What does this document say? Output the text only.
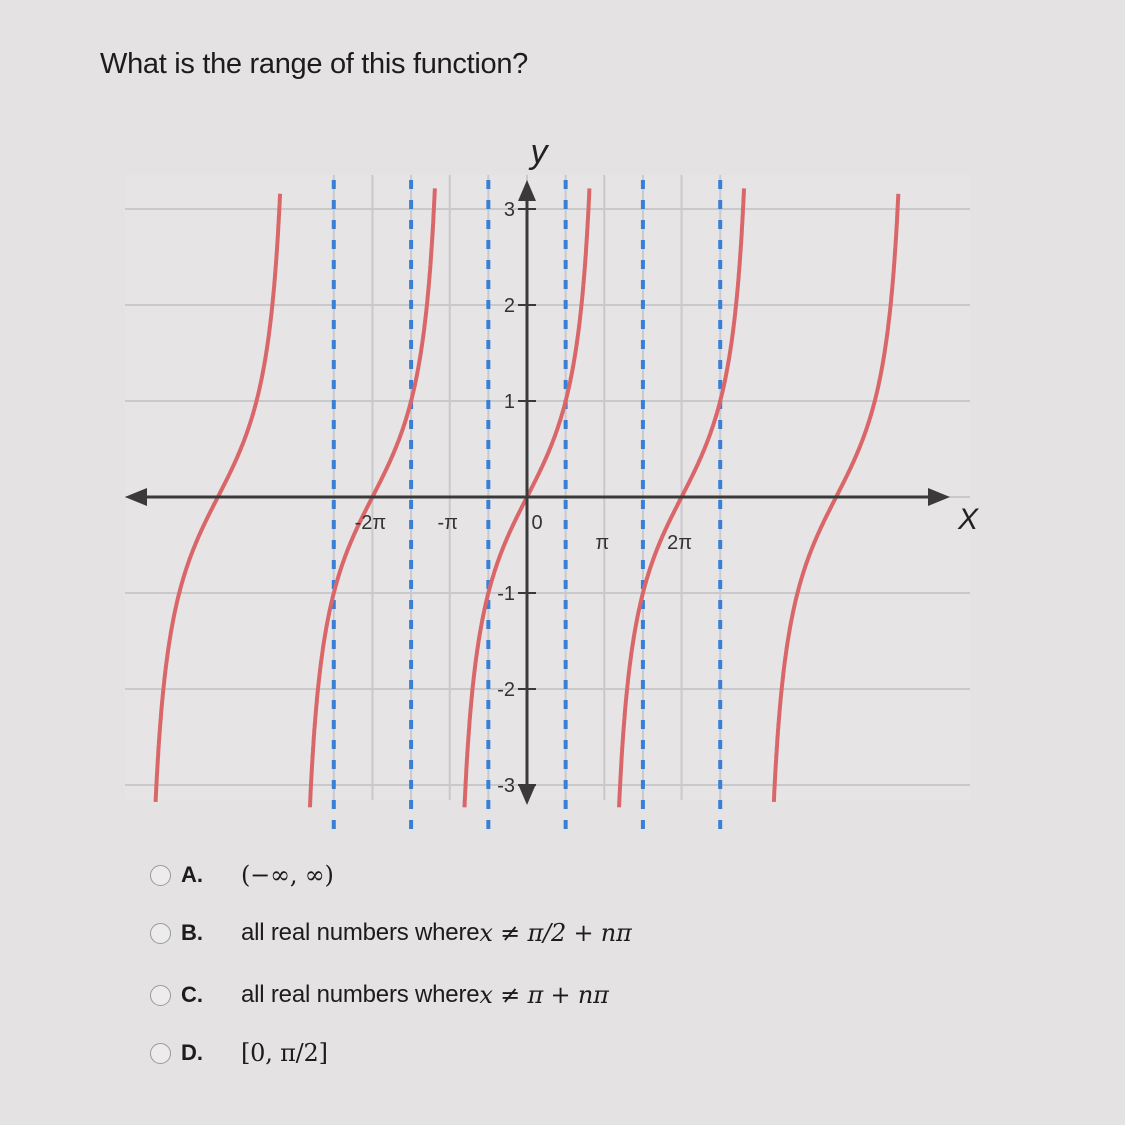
What is the range of this function?
3
2
1
-1
-2
-3
-2π	-π	0
π	2π
X
y
A.	(−∞, ∞)
B.	all real numbers where x ≠ π/2 + nπ
C.	all real numbers where x ≠ π + nπ
D.	[0, π/2]
